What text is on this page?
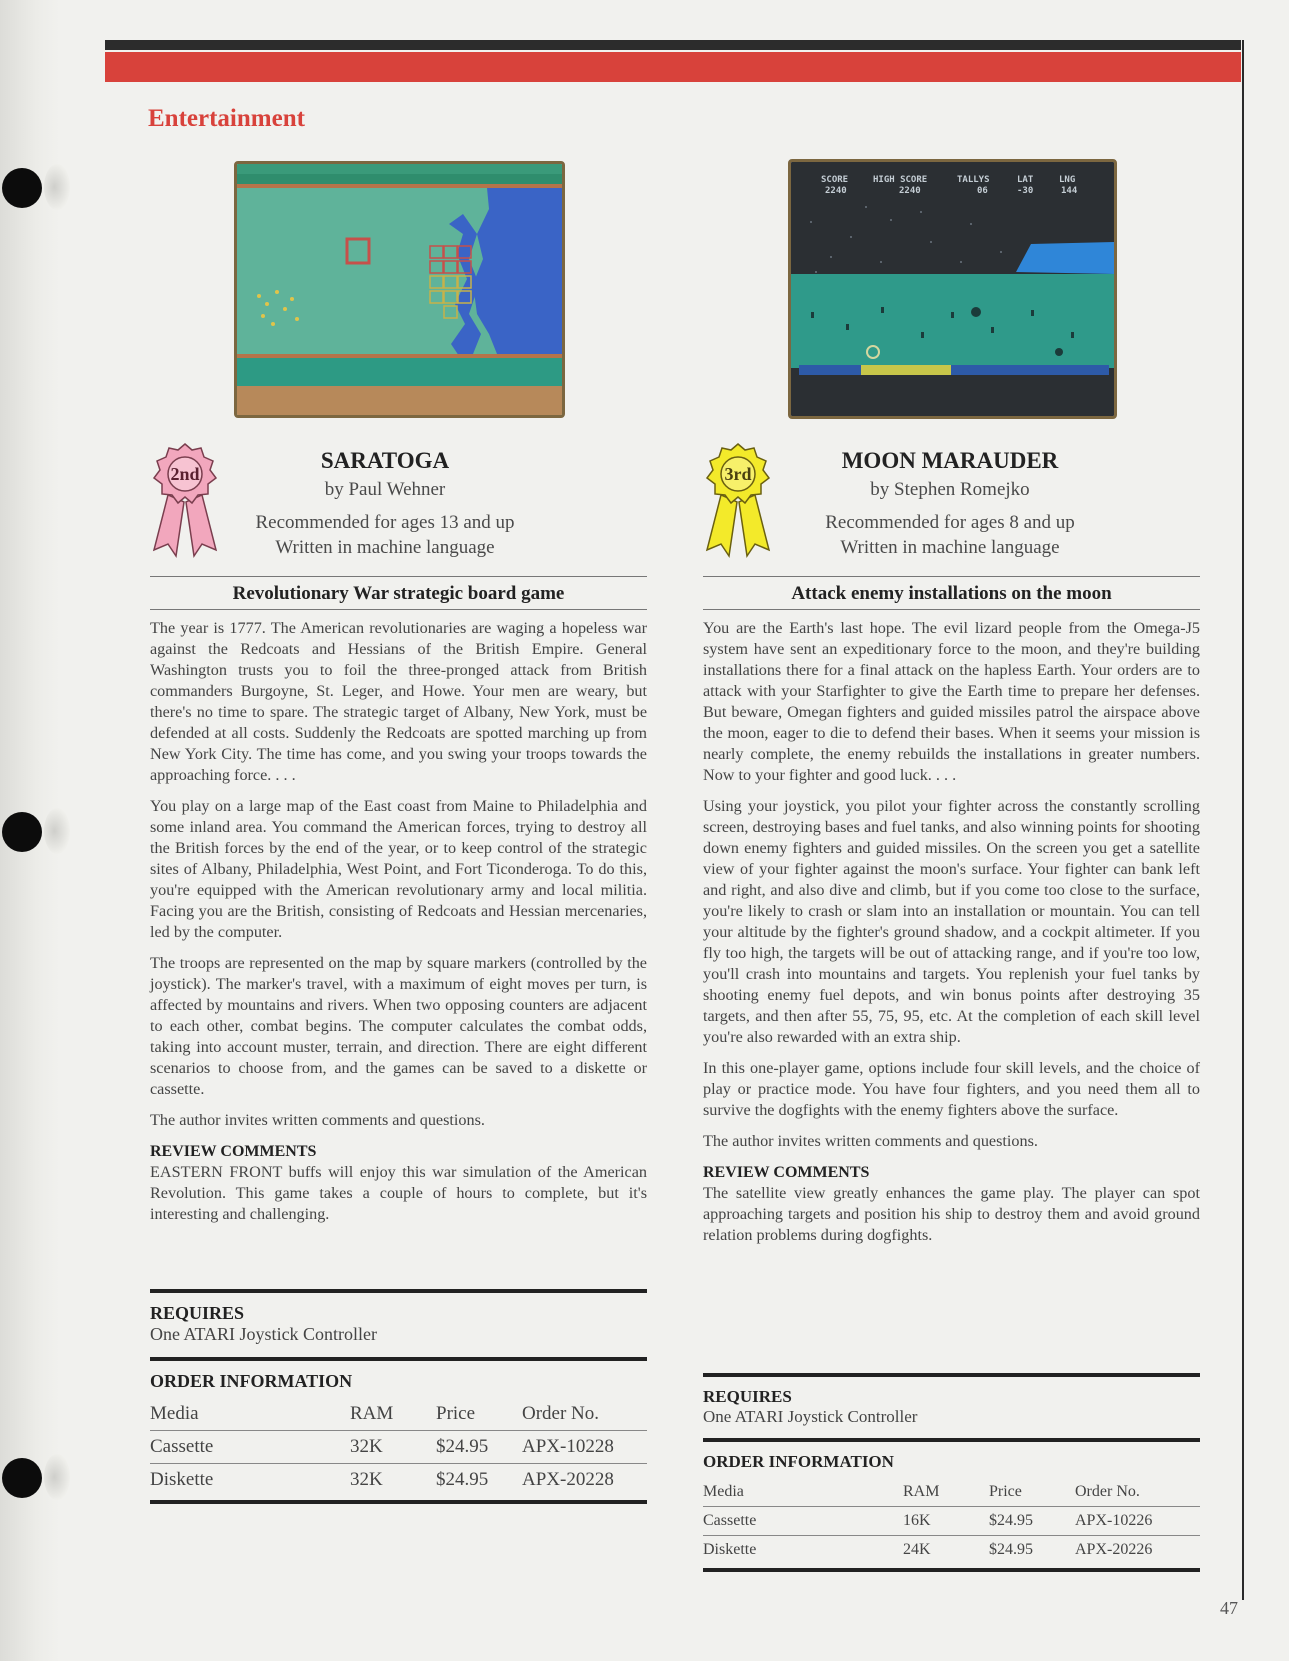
Entertainment
SCORE	HIGH SCORE	TALLYS	LAT	LNG
2240	2240	06	-30	144
2nd
SARATOGA
by Paul Wehner
Recommended for ages 13 and up
Written in machine language
Revolutionary War strategic board game

The year is 1777. The American revolutionaries are waging a hopeless war against the Redcoats and Hessians of the British Empire. General Washington trusts you to foil the three-pronged attack from British commanders Burgoyne, St. Leger, and Howe. Your men are weary, but there's no time to spare. The strategic target of Albany, New York, must be defended at all costs. Suddenly the Redcoats are spotted marching up from New York City. The time has come, and you swing your troops towards the approaching force. . . .

You play on a large map of the East coast from Maine to Philadelphia and some inland area. You command the American forces, trying to destroy all the British forces by the end of the year, or to keep control of the strategic sites of Albany, Philadelphia, West Point, and Fort Ticonderoga. To do this, you're equipped with the American revolutionary army and local militia. Facing you are the British, consisting of Redcoats and Hessian mercenaries, led by the computer.

The troops are represented on the map by square markers (controlled by the joystick). The marker's travel, with a maximum of eight moves per turn, is affected by mountains and rivers. When two opposing counters are adjacent to each other, combat begins. The computer calculates the combat odds, taking into account muster, terrain, and direction. There are eight different scenarios to choose from, and the games can be saved to a diskette or cassette.

The author invites written comments and questions.

REVIEW COMMENTS

EASTERN FRONT buffs will enjoy this war simulation of the American Revolution. This game takes a couple of hours to complete, but it's interesting and challenging.

REQUIRES
One ATARI Joystick Controller
ORDER INFORMATION
Media	RAM	Price	Order No.
Cassette	32K	$24.95	APX-10228
Diskette	32K	$24.95	APX-20228
3rd
MOON MARAUDER
by Stephen Romejko
Recommended for ages 8 and up
Written in machine language
Attack enemy installations on the moon

You are the Earth's last hope. The evil lizard people from the Omega-J5 system have sent an expeditionary force to the moon, and they're building installations there for a final attack on the hapless Earth. Your orders are to attack with your Starfighter to give the Earth time to prepare her defenses. But beware, Omegan fighters and guided missiles patrol the airspace above the moon, eager to die to defend their bases. When it seems your mission is nearly complete, the enemy rebuilds the installations in greater numbers. Now to your fighter and good luck. . . .

Using your joystick, you pilot your fighter across the constantly scrolling screen, destroying bases and fuel tanks, and also winning points for shooting down enemy fighters and guided missiles. On the screen you get a satellite view of your fighter against the moon's surface. Your fighter can bank left and right, and also dive and climb, but if you come too close to the surface, you're likely to crash or slam into an installation or mountain. You can tell your altitude by the fighter's ground shadow, and a cockpit altimeter. If you fly too high, the targets will be out of attacking range, and if you're too low, you'll crash into mountains and targets. You replenish your fuel tanks by shooting enemy fuel depots, and win bonus points after destroying 35 targets, and then after 55, 75, 95, etc. At the completion of each skill level you're also rewarded with an extra ship.

In this one-player game, options include four skill levels, and the choice of play or practice mode. You have four fighters, and you need them all to survive the dogfights with the enemy fighters above the surface.

The author invites written comments and questions.

REVIEW COMMENTS

The satellite view greatly enhances the game play. The player can spot approaching targets and position his ship to destroy them and avoid ground relation problems during dogfights.

REQUIRES
One ATARI Joystick Controller
ORDER INFORMATION
Media	RAM	Price	Order No.
Cassette	16K	$24.95	APX-10226
Diskette	24K	$24.95	APX-20226
47
